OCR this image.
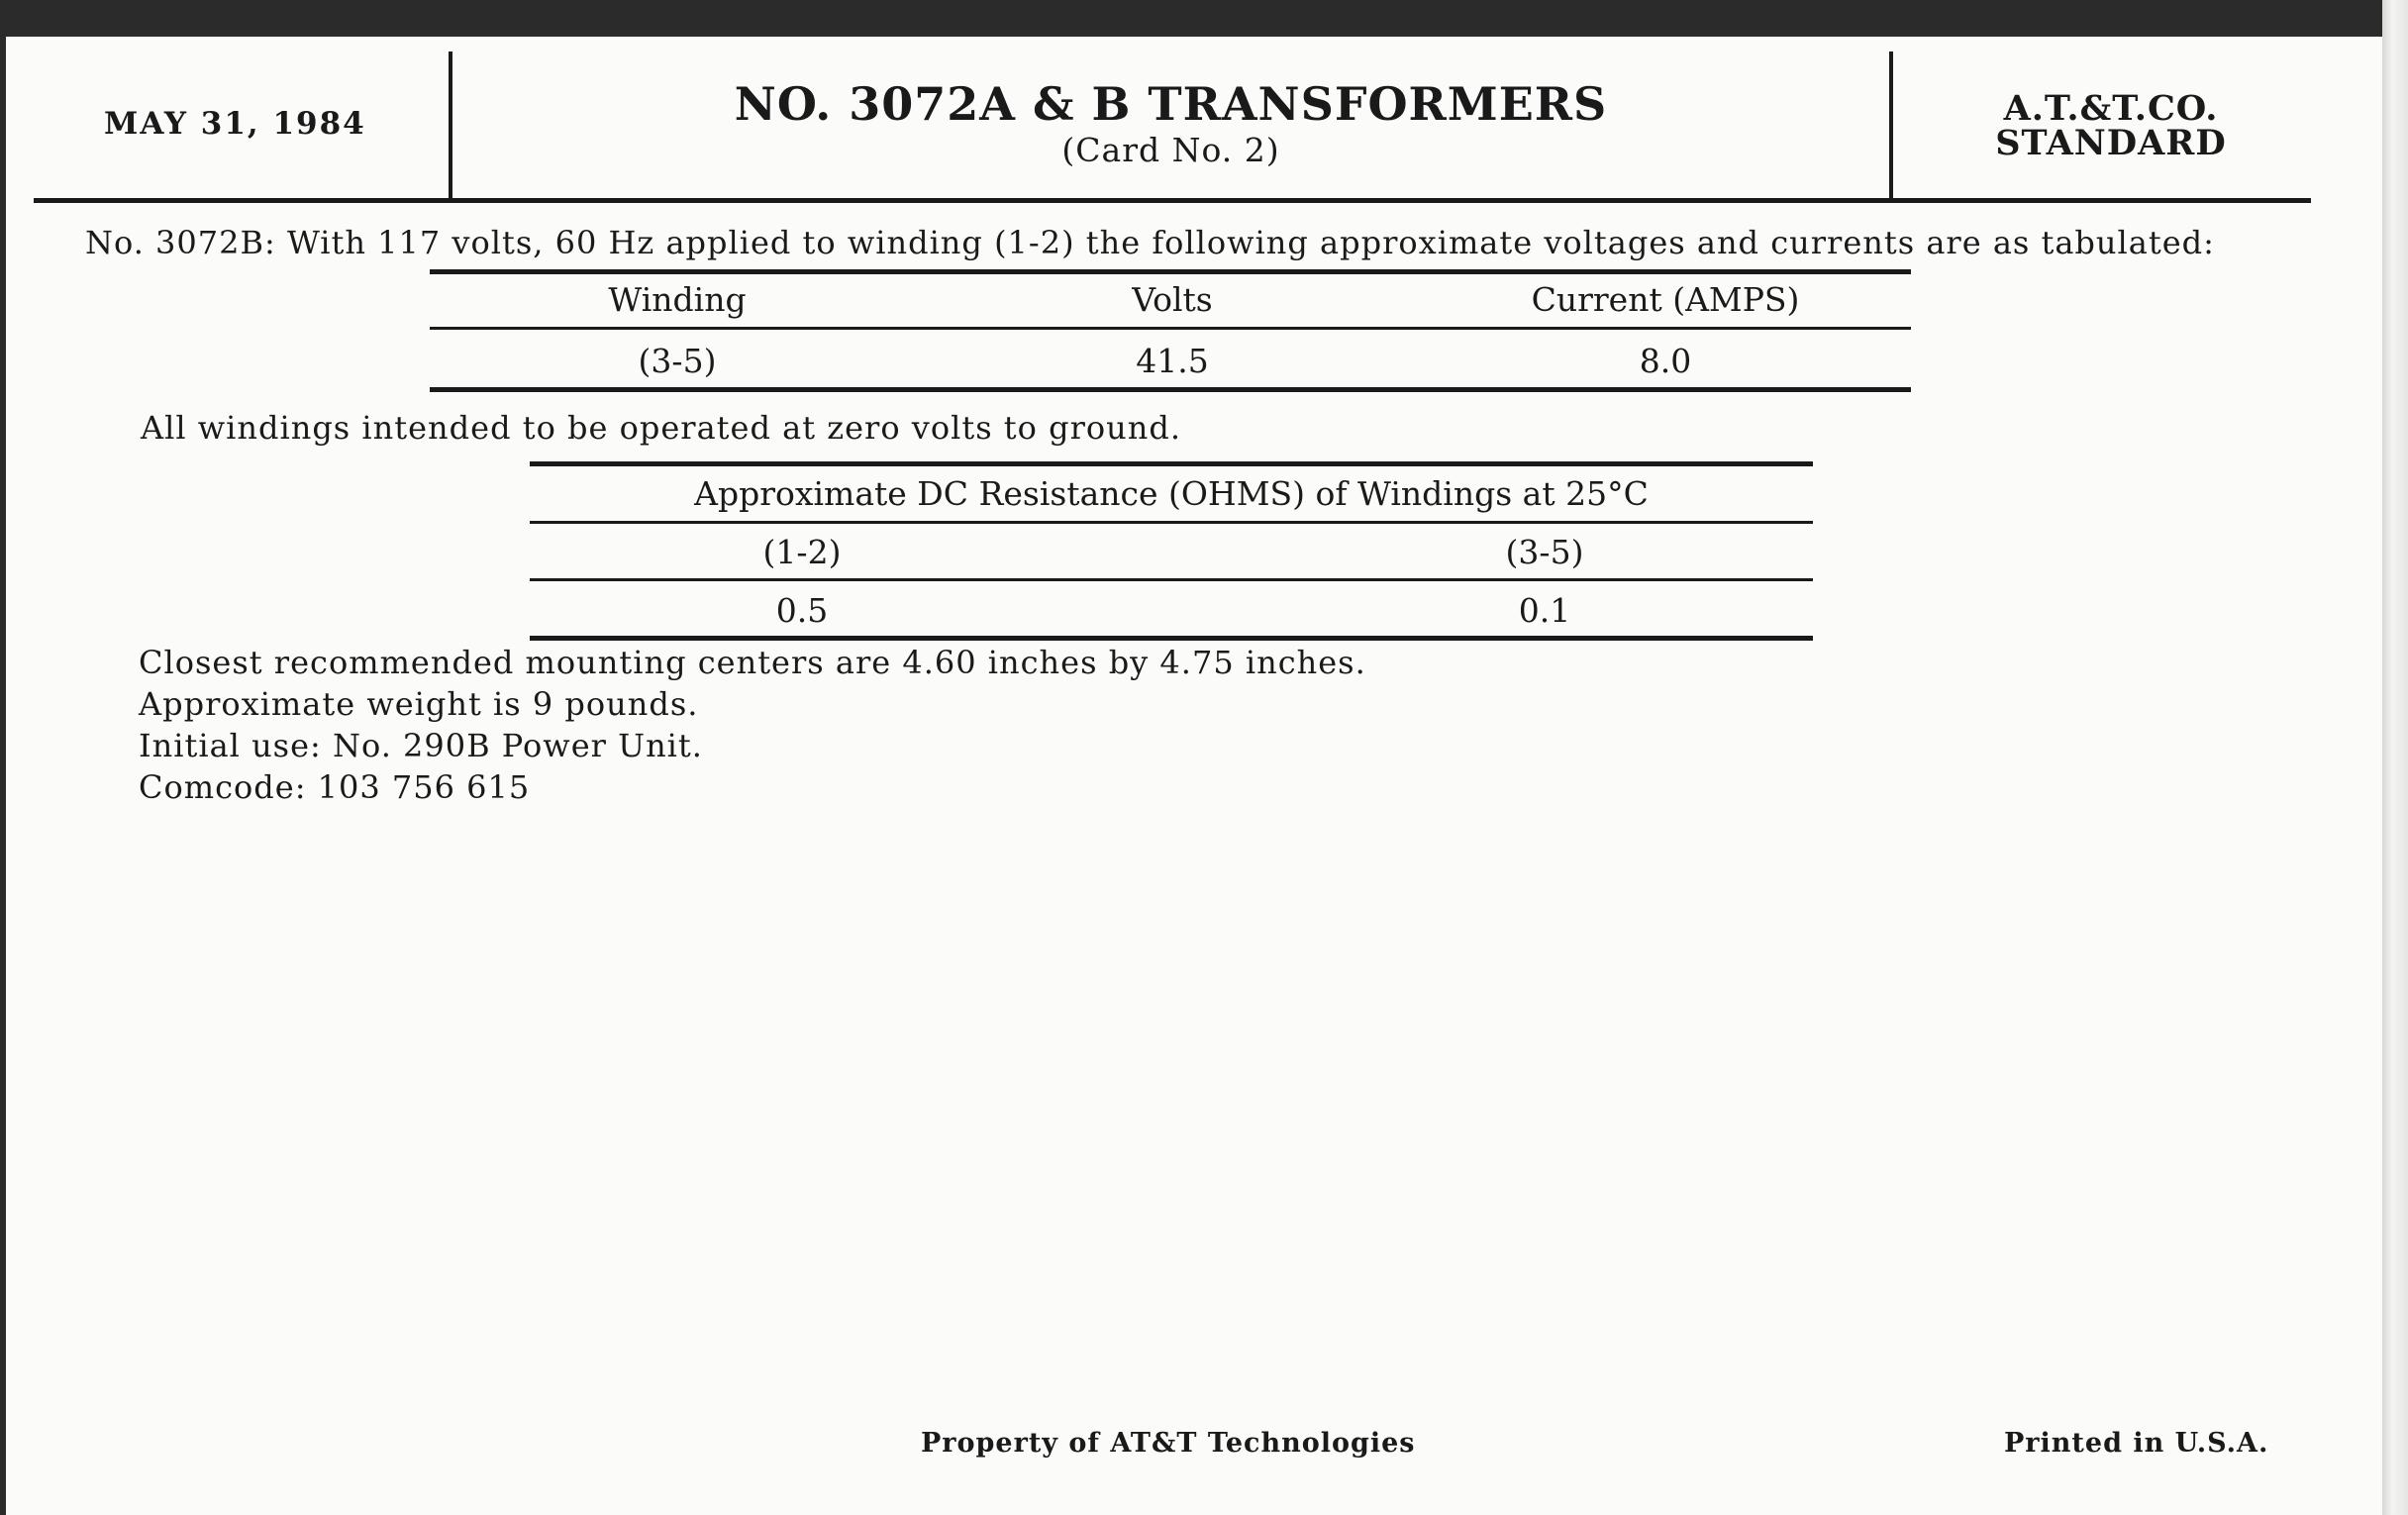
MAY 31, 1984	NO. 3072A & B TRANSFORMERS
(Card No. 2)
A.T.&T.CO.
STANDARD
No. 3072B: With 117 volts, 60 Hz applied to winding (1-2) the following approximate voltages and currents are as tabulated:
Winding	Volts	Current (AMPS)
(3-5)	41.5	8.0
All windings intended to be operated at zero volts to ground.
Approximate DC Resistance (OHMS) of Windings at 25°C
(1-2)	(3-5)
0.5	0.1
Closest recommended mounting centers are 4.60 inches by 4.75 inches.
Approximate weight is 9 pounds.
Initial use: No. 290B Power Unit.
Comcode: 103 756 615
Property of AT&T Technologies	Printed in U.S.A.
